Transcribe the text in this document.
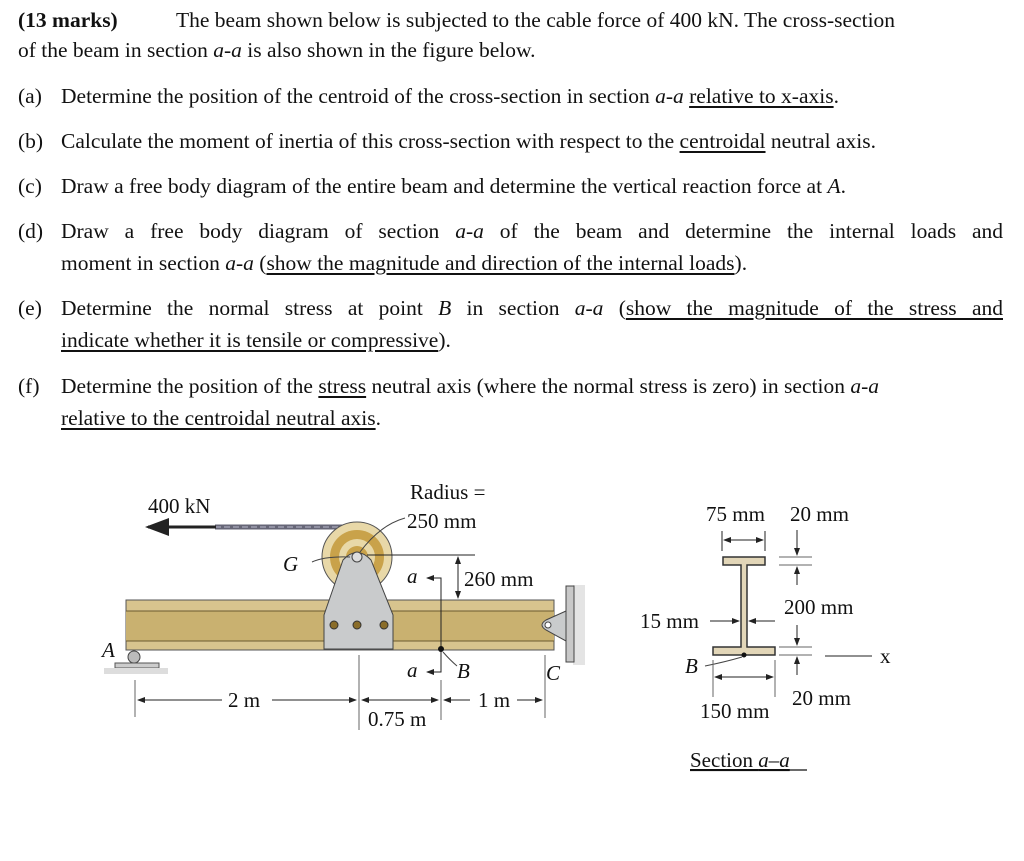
(13 marks)	The beam shown below is subjected to the cable force of 400 kN. The cross-section
of the beam in section a-a is also shown in the figure below.
(a) Determine the position of the centroid of the cross-section in section a-a relative to x-axis.
(b) Calculate the moment of inertia of this cross-section with respect to the centroidal neutral axis.
(c) Draw a free body diagram of the entire beam and determine the vertical reaction force at A.
(d) Draw a free body diagram of section a-a of the beam and determine the internal loads and
moment in section a-a (show the magnitude and direction of the internal loads).
(e) Determine the normal stress at point B in section a-a (show the magnitude of the stress and
indicate whether it is tensile or compressive).
(f) Determine the position of the stress neutral axis (where the normal stress is zero) in section a-a
relative to the centroidal neutral axis.
400 kN
Radius =
250 mm
G
A
B	C
a
a
260 mm
2 m
0.75 m
1 m
75 mm 20 mm
200 mm
15 mm
20 mm
150 mm
B	x
Section a–a
